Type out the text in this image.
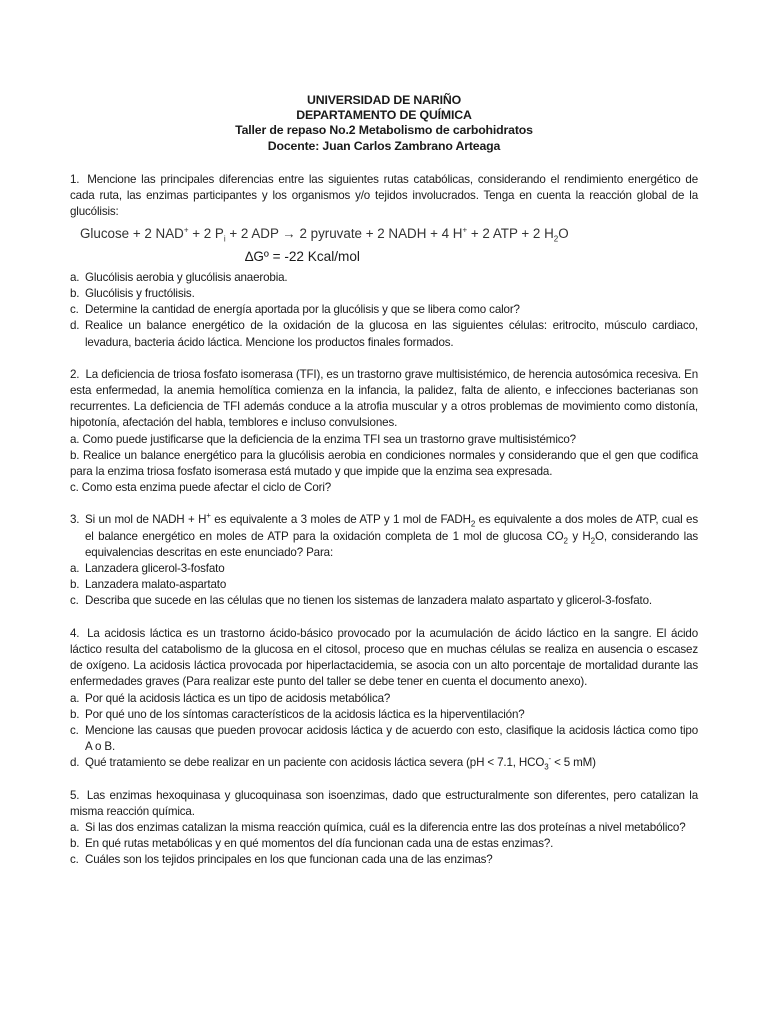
UNIVERSIDAD DE NARIÑO
DEPARTAMENTO DE QUÍMICA
Taller de repaso No.2 Metabolismo de carbohidratos
Docente: Juan Carlos Zambrano Arteaga

1. Mencione las principales diferencias entre las siguientes rutas catabólicas, considerando el rendimiento energético de cada ruta, las enzimas participantes y los organismos y/o tejidos involucrados. Tenga en cuenta la reacción global de la glucólisis:

Glucose + 2 NAD+ + 2 $P_i + 2$ ADP → 2 pyruvate + 2 NADH + 4 H+ + 2 ATP + 2 $H_2O$
∆Gº = -22 Kcal/mol
a. Glucólisis aerobia y glucólisis anaerobia.
b. Glucólisis y fructólisis.
c. Determine la cantidad de energía aportada por la glucólisis y que se libera como calor?
d. Realice un balance energético de la oxidación de la glucosa en las siguientes células: eritrocito, músculo cardiaco, levadura, bacteria ácido láctica. Mencione los productos finales formados.

2. La deficiencia de triosa fosfato isomerasa (TFI), es un trastorno grave multisistémico, de herencia autosómica recesiva. En esta enfermedad, la anemia hemolítica comienza en la infancia, la palidez, falta de aliento, e infecciones bacterianas son recurrentes. La deficiencia de TFI además conduce a la atrofia muscular y a otros problemas de movimiento como distonía, hipotonía, afectación del habla, temblores e incluso convulsiones.

a. Como puede justificarse que la deficiencia de la enzima TFI sea un trastorno grave multisistémico?
b. Realice un balance energético para la glucólisis aerobia en condiciones normales y considerando que el gen que codifica para la enzima triosa fosfato isomerasa está mutado y que impide que la enzima sea expresada.
c. Como esta enzima puede afectar el ciclo de Cori?
3. Si un mol de NADH + H+ es equivalente a 3 moles de ATP y 1 mol de $FADH_2$ es equivalente a dos moles de ATP, cual es el balance energético en moles de ATP para la oxidación completa de 1 mol de glucosa $CO_2$ y $H_2O$, considerando las equivalencias descritas en este enunciado? Para:
a. Lanzadera glicerol-3-fosfato
b. Lanzadera malato-aspartato
c. Describa que sucede en las células que no tienen los sistemas de lanzadera malato aspartato y glicerol-3-fosfato.

4. La acidosis láctica es un trastorno ácido-básico provocado por la acumulación de ácido láctico en la sangre. El ácido láctico resulta del catabolismo de la glucosa en el citosol, proceso que en muchas células se realiza en ausencia o escasez de oxígeno. La acidosis láctica provocada por hiperlactacidemia, se asocia con un alto porcentaje de mortalidad durante las enfermedades graves (Para realizar este punto del taller se debe tener en cuenta el documento anexo).

a. Por qué la acidosis láctica es un tipo de acidosis metabólica?
b. Por qué uno de los síntomas característicos de la acidosis láctica es la hiperventilación?
c. Mencione las causas que pueden provocar acidosis láctica y de acuerdo con esto, clasifique la acidosis láctica como tipo A o B.
d. Qué tratamiento se debe realizar en un paciente con acidosis láctica severa (pH < 7.1, $HCO_3^- < 5$ mM)

5. Las enzimas hexoquinasa y glucoquinasa son isoenzimas, dado que estructuralmente son diferentes, pero catalizan la misma reacción química.

a. Si las dos enzimas catalizan la misma reacción química, cuál es la diferencia entre las dos proteínas a nivel metabólico?
b. En qué rutas metabólicas y en qué momentos del día funcionan cada una de estas enzimas?.
c. Cuáles son los tejidos principales en los que funcionan cada una de las enzimas?
